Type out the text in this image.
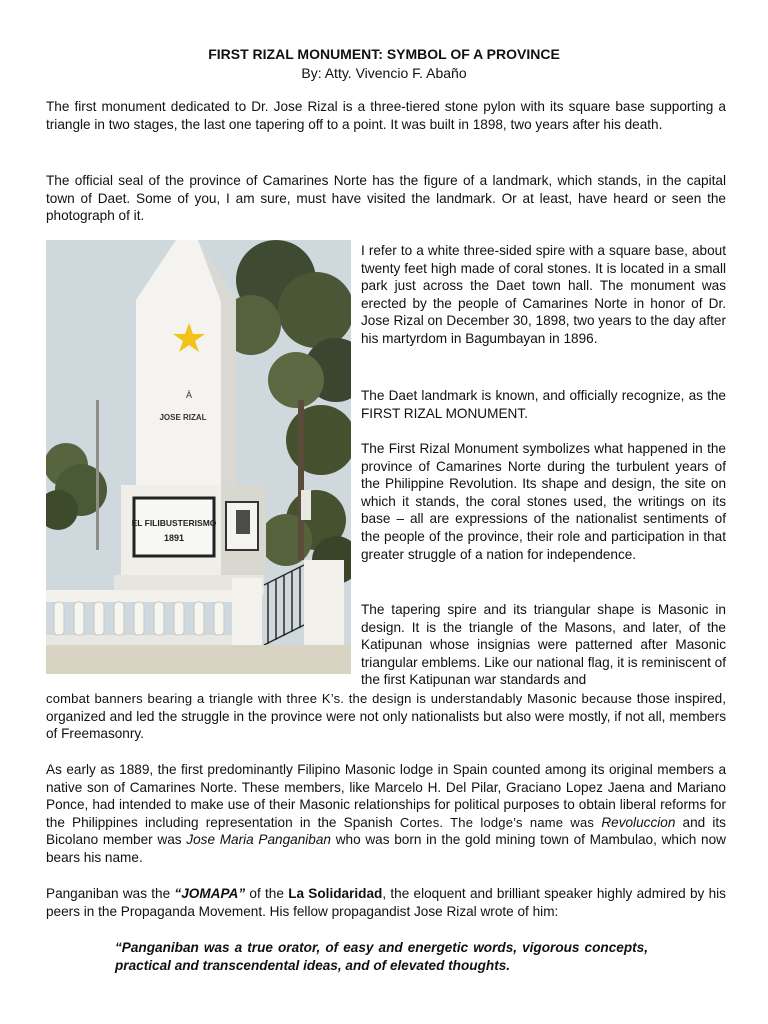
FIRST RIZAL MONUMENT: SYMBOL OF A PROVINCE
By: Atty. Vivencio F. Abaño

The first monument dedicated to Dr. Jose Rizal is a three-tiered stone pylon with its square base supporting a triangle in two stages, the last one tapering off to a point. It was built in 1898, two years after his death.

The official seal of the province of Camarines Norte has the figure of a landmark, which stands, in the capital town of Daet. Some of you, I am sure, must have visited the landmark. Or at least, have heard or seen the photograph of it.

À
JOSE RIZAL
EL FILIBUSTERISMO
1891

I refer to a white three-sided spire with a square base, about twenty feet high made of coral stones. It is located in a small park just across the Daet town hall. The monument was erected by the people of Camarines Norte in honor of Dr. Jose Rizal on December 30, 1898, two years to the day after his martyrdom in Bagumbayan in 1896.

The Daet landmark is known, and officially recognize, as the FIRST RIZAL MONUMENT.

The First Rizal Monument symbolizes what happened in the province of Camarines Norte during the turbulent years of the Philippine Revolution. Its shape and design, the site on which it stands, the coral stones used, the writings on its base – all are expressions of the nationalist sentiments of the people of the province, their role and participation in that greater struggle of a nation for independence.

The tapering spire and its triangular shape is Masonic in design. It is the triangle of the Masons, and later, of the Katipunan whose insignias were patterned after Masonic triangular emblems. Like our national flag, it is reminiscent of the first Katipunan war standards and

combat banners bearing a triangle with three K’s. the design is understandably Masonic because those inspired, organized and led the struggle in the province were not only nationalists but also were mostly, if not all, members of Freemasonry.

As early as 1889, the first predominantly Filipino Masonic lodge in Spain counted among its original members a native son of Camarines Norte. These members, like Marcelo H. Del Pilar, Graciano Lopez Jaena and Mariano Ponce, had intended to make use of their Masonic relationships for political purposes to obtain liberal reforms for the Philippines including representation in the Spanish Cortes. The lodge’s name was Revoluccion and its Bicolano member was Jose Maria Panganiban who was born in the gold mining town of Mambulao, which now bears his name.

Panganiban was the “JOMAPA” of the La Solidaridad, the eloquent and brilliant speaker highly admired by his peers in the Propaganda Movement. His fellow propagandist Jose Rizal wrote of him:

“Panganiban was a true orator, of easy and energetic words, vigorous concepts, practical and transcendental ideas, and of elevated thoughts.
